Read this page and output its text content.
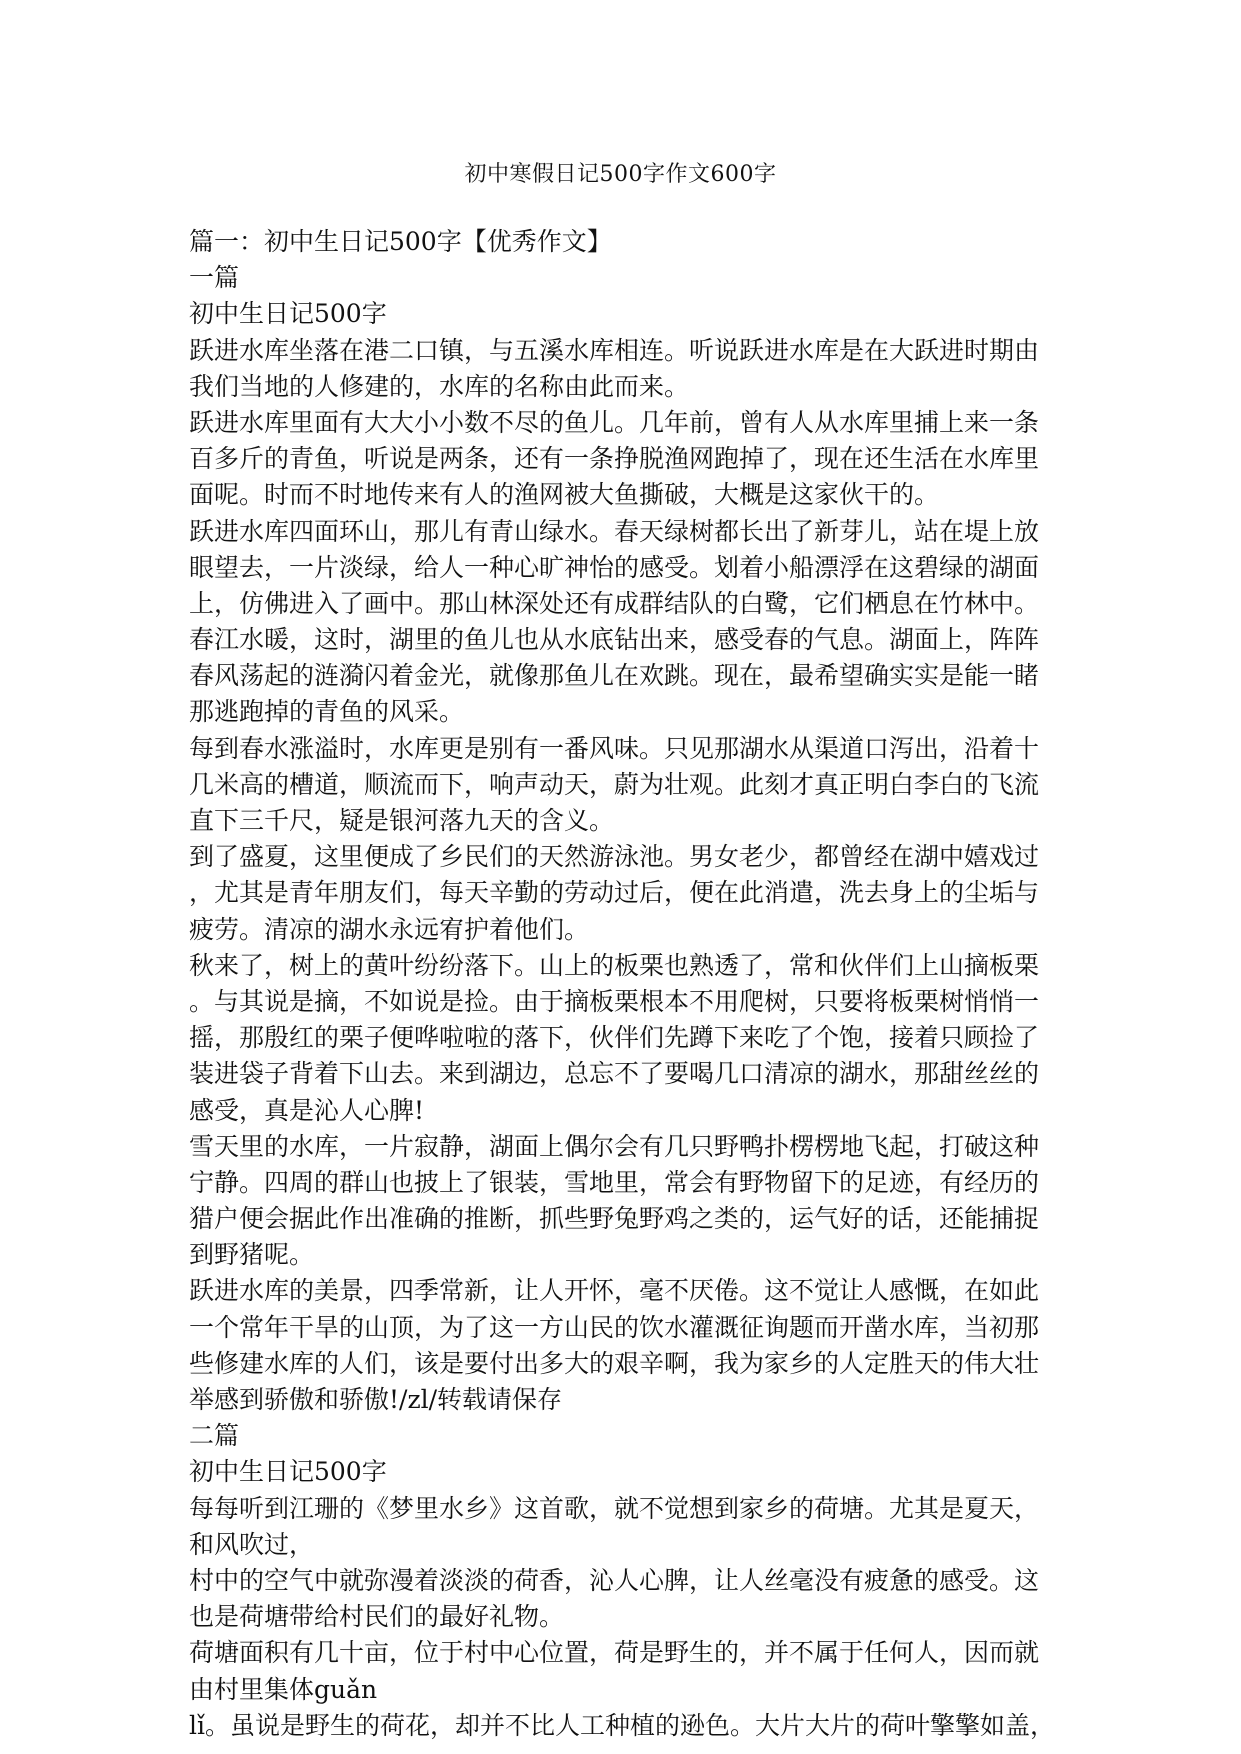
初中寒假日记500字作文600字
篇一：初中生日记500字【优秀作文】
一篇
初中生日记500字
跃进水库坐落在港二口镇，与五溪水库相连。听说跃进水库是在大跃进时期由
我们当地的人修建的，水库的名称由此而来。
跃进水库里面有大大小小数不尽的鱼儿。几年前，曾有人从水库里捕上来一条
百多斤的青鱼，听说是两条，还有一条挣脱渔网跑掉了，现在还生活在水库里
面呢。时而不时地传来有人的渔网被大鱼撕破，大概是这家伙干的。
跃进水库四面环山，那儿有青山绿水。春天绿树都长出了新芽儿，站在堤上放
眼望去，一片淡绿，给人一种心旷神怡的感受。划着小船漂浮在这碧绿的湖面
上，仿佛进入了画中。那山林深处还有成群结队的白鹭，它们栖息在竹林中。
春江水暖，这时，湖里的鱼儿也从水底钻出来，感受春的气息。湖面上，阵阵
春风荡起的涟漪闪着金光，就像那鱼儿在欢跳。现在，最希望确实实是能一睹
那逃跑掉的青鱼的风采。
每到春水涨溢时，水库更是别有一番风味。只见那湖水从渠道口泻出，沿着十
几米高的槽道，顺流而下，响声动天，蔚为壮观。此刻才真正明白李白的飞流
直下三千尺，疑是银河落九天的含义。
到了盛夏，这里便成了乡民们的天然游泳池。男女老少，都曾经在湖中嬉戏过
，尤其是青年朋友们，每天辛勤的劳动过后，便在此消遣，洗去身上的尘垢与
疲劳。清凉的湖水永远宥护着他们。
秋来了，树上的黄叶纷纷落下。山上的板栗也熟透了，常和伙伴们上山摘板栗
。与其说是摘，不如说是捡。由于摘板栗根本不用爬树，只要将板栗树悄悄一
摇，那殷红的栗子便哗啦啦的落下，伙伴们先蹲下来吃了个饱，接着只顾捡了
装进袋子背着下山去。来到湖边，总忘不了要喝几口清凉的湖水，那甜丝丝的
感受，真是沁人心脾!
雪天里的水库，一片寂静，湖面上偶尔会有几只野鸭扑楞楞地飞起，打破这种
宁静。四周的群山也披上了银装，雪地里，常会有野物留下的足迹，有经历的
猎户便会据此作出准确的推断，抓些野兔野鸡之类的，运气好的话，还能捕捉
到野猪呢。
跃进水库的美景，四季常新，让人开怀，毫不厌倦。这不觉让人感慨，在如此
一个常年干旱的山顶，为了这一方山民的饮水灌溉征询题而开凿水库，当初那
些修建水库的人们，该是要付出多大的艰辛啊，我为家乡的人定胜天的伟大壮
举感到骄傲和骄傲!/zl/转载请保存
二篇
初中生日记500字
每每听到江珊的《梦里水乡》这首歌，就不觉想到家乡的荷塘。尤其是夏天，
和风吹过，
村中的空气中就弥漫着淡淡的荷香，沁人心脾，让人丝毫没有疲惫的感受。这
也是荷塘带给村民们的最好礼物。
荷塘面积有几十亩，位于村中心位置，荷是野生的，并不属于任何人，因而就
由村里集体guǎn
lǐ。虽说是野生的荷花，却并不比人工种植的逊色。大片大片的荷叶擎擎如盖，
